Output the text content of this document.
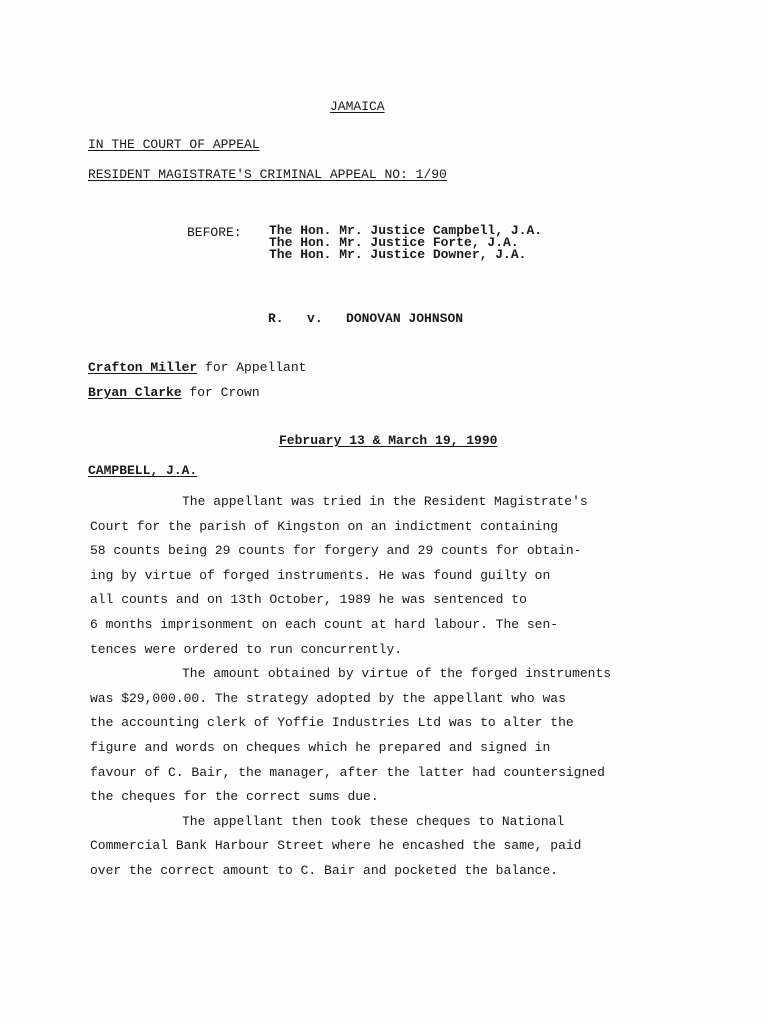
JAMAICA
IN THE COURT OF APPEAL
RESIDENT MAGISTRATE'S CRIMINAL APPEAL NO: 1/90
BEFORE: The Hon. Mr. Justice Campbell, J.A.
The Hon. Mr. Justice Forte, J.A.
The Hon. Mr. Justice Downer, J.A.
R. v. DONOVAN JOHNSON
Crafton Miller for Appellant
Bryan Clarke for Crown
February 13 & March 19, 1990
CAMPBELL, J.A.

The appellant was tried in the Resident Magistrate's
Court for the parish of Kingston on an indictment containing
58 counts being 29 counts for forgery and 29 counts for obtain-
ing by virtue of forged instruments. He was found guilty on
all counts and on 13th October, 1989 he was sentenced to
6 months imprisonment on each count at hard labour. The sen-
tences were ordered to run concurrently.

The amount obtained by virtue of the forged instruments
was $29,000.00. The strategy adopted by the appellant who was
the accounting clerk of Yoffie Industries Ltd was to alter the
figure and words on cheques which he prepared and signed in
favour of C. Bair, the manager, after the latter had countersigned
the cheques for the correct sums due.

The appellant then took these cheques to National
Commercial Bank Harbour Street where he encashed the same, paid
over the correct amount to C. Bair and pocketed the balance.
